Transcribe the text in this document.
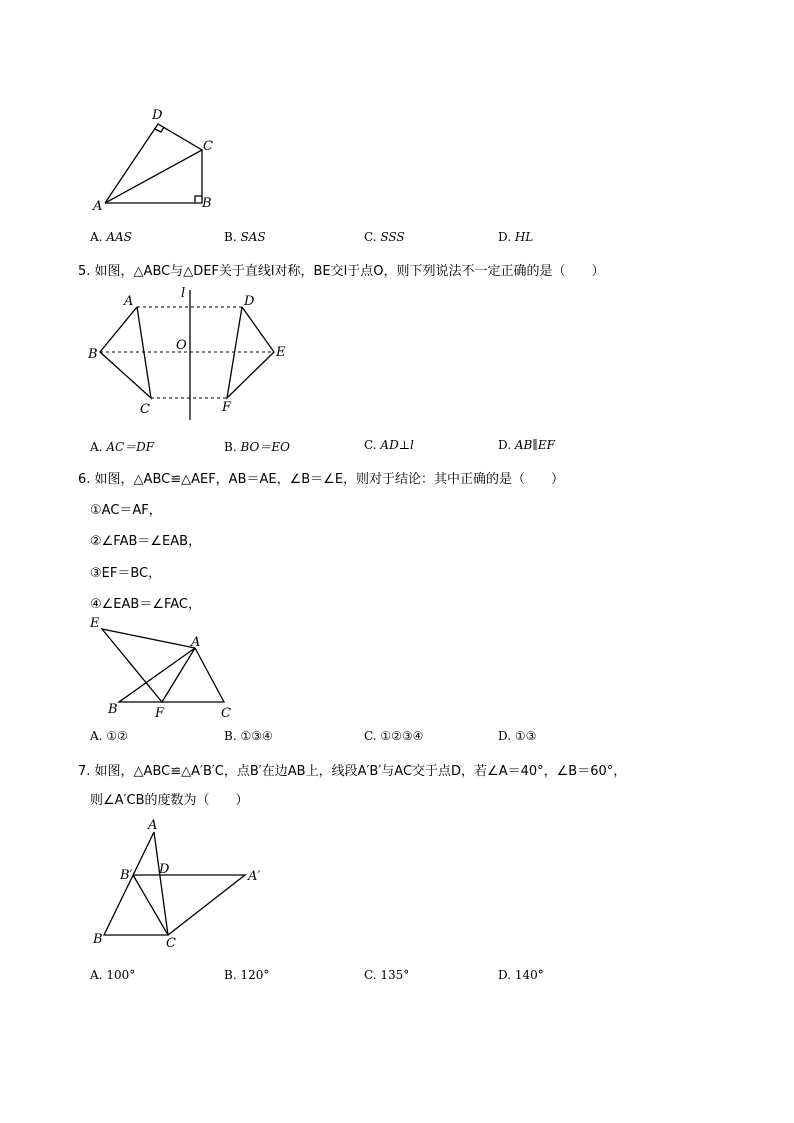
D
C
A	B
A. AAS	B. SAS	C. SSS	D. HL
5. 如图，△ABC与△DEF关于直线l对称，BE交l于点O，则下列说法不一定正确的是（　　）
l
A	D
B
O	E
C	F
A. AC＝DF	B. BO＝EO	C. AD⊥l	D. AB∥EF
6. 如图，△ABC≌△AEF，AB＝AE，∠B＝∠E，则对于结论：其中正确的是（　　）
①AC＝AF，
②∠FAB＝∠EAB，
③EF＝BC，
④∠EAB＝∠FAC，
E
A
B	F	C
A. ①②	B. ①③④	C. ①②③④	D. ①③
7. 如图，△ABC≌△A′B′C，点B′在边AB上，线段A′B′与AC交于点D，若∠A＝40°，∠B＝60°，
则∠A′CB的度数为（　　）
A
B′ D	A′
B	C
A. 100°	B. 120°	C. 135°	D. 140°
